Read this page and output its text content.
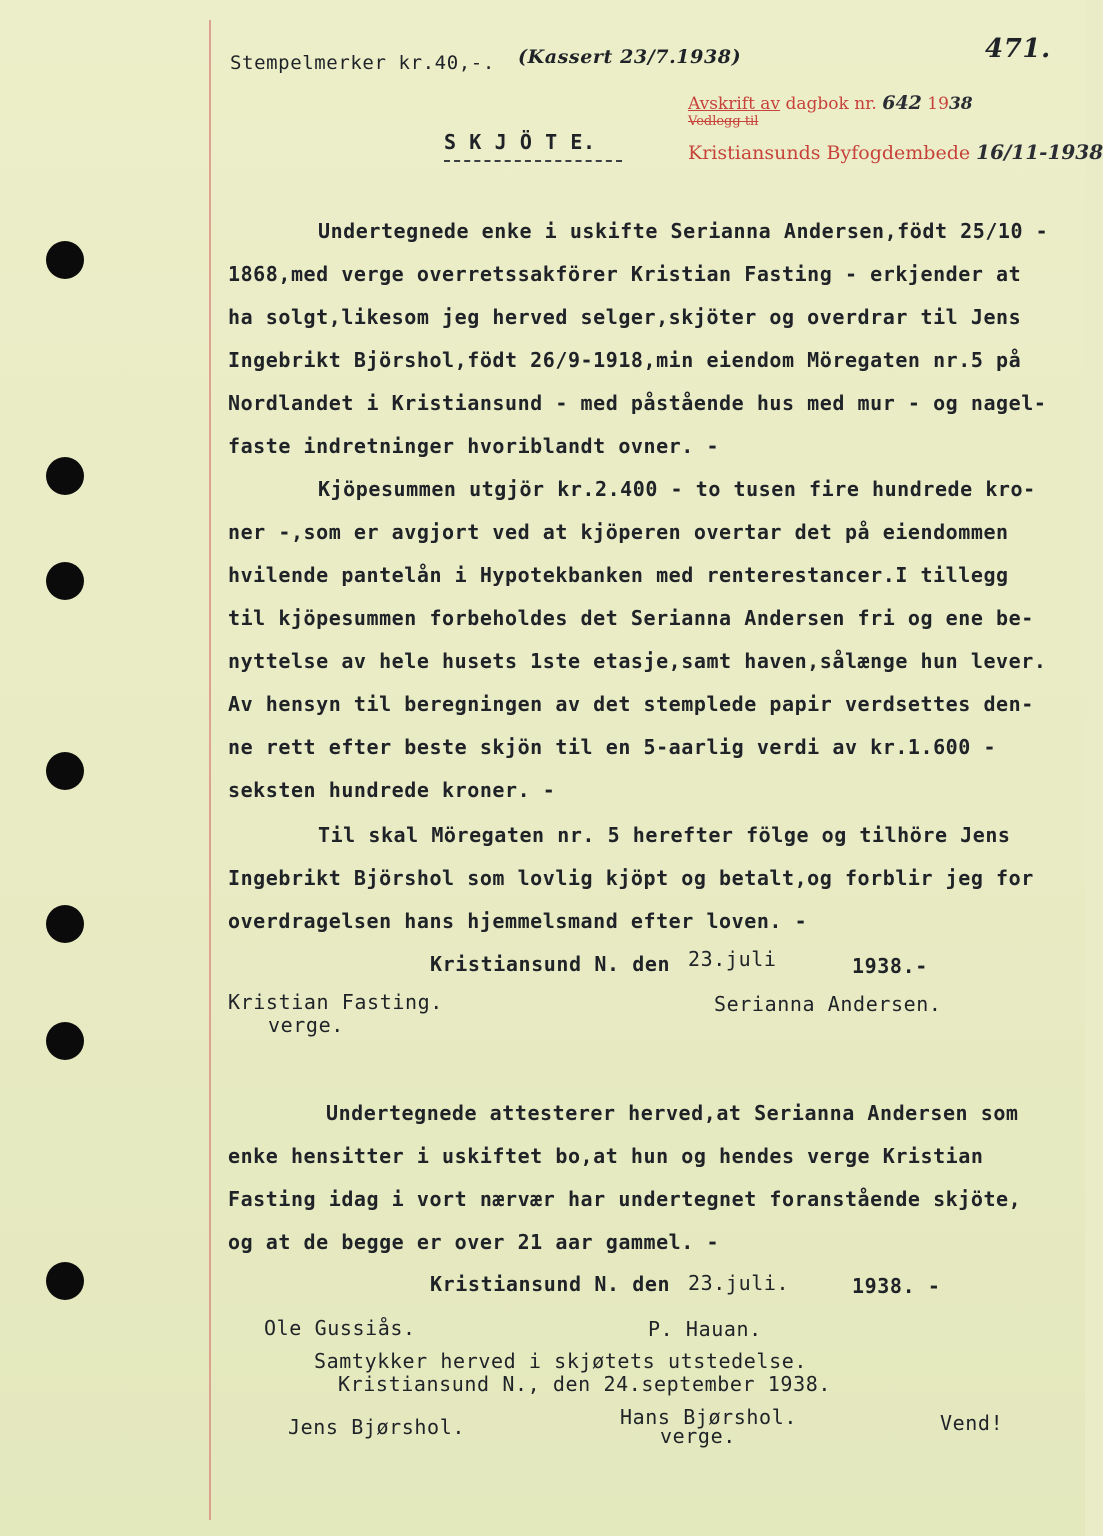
Stempelmerker kr.40,-. (Kassert 23/7.1938)	471.
Avskrift av dagbok nr. 642 1938
Vedlegg til
Kristiansunds Byfogdembede 16/11-1938
S K J Ö T E.
Undertegnede enke i uskifte Serianna Andersen,födt 25/10 -
1868,med verge overretssakförer Kristian Fasting - erkjender at
ha solgt,likesom jeg herved selger,skjöter og overdrar til Jens
Ingebrikt Björshol,födt 26/9-1918,min eiendom Möregaten nr.5 på
Nordlandet i Kristiansund - med påstående hus med mur - og nagel-
faste indretninger hvoriblandt ovner. -
Kjöpesummen utgjör kr.2.400 - to tusen fire hundrede kro-
ner -,som er avgjort ved at kjöperen overtar det på eiendommen
hvilende pantelån i Hypotekbanken med renterestancer.I tillegg
til kjöpesummen forbeholdes det Serianna Andersen fri og ene be-
nyttelse av hele husets 1ste etasje,samt haven,sålænge hun lever.
Av hensyn til beregningen av det stemplede papir verdsettes den-
ne rett efter beste skjön til en 5-aarlig verdi av kr.1.600 -
seksten hundrede kroner. -
Til skal Möregaten nr. 5 herefter fölge og tilhöre Jens
Ingebrikt Björshol som lovlig kjöpt og betalt,og forblir jeg for
overdragelsen hans hjemmelsmand efter loven. -
Kristiansund N. den 23.juli	1938.-
Kristian Fasting.
verge.
Serianna Andersen.
Undertegnede attesterer herved,at Serianna Andersen som
enke hensitter i uskiftet bo,at hun og hendes verge Kristian
Fasting idag i vort nærvær har undertegnet foranstående skjöte,
og at de begge er over 21 aar gammel. -
Kristiansund N. den 23.juli.	1938. -
Ole Gussiås.	P. Hauan.
Samtykker herved i skjøtets utstedelse.
Kristiansund N., den 24.september 1938.
Jens Bjørshol.	Hans Bjørshol.
verge.
Vend!
